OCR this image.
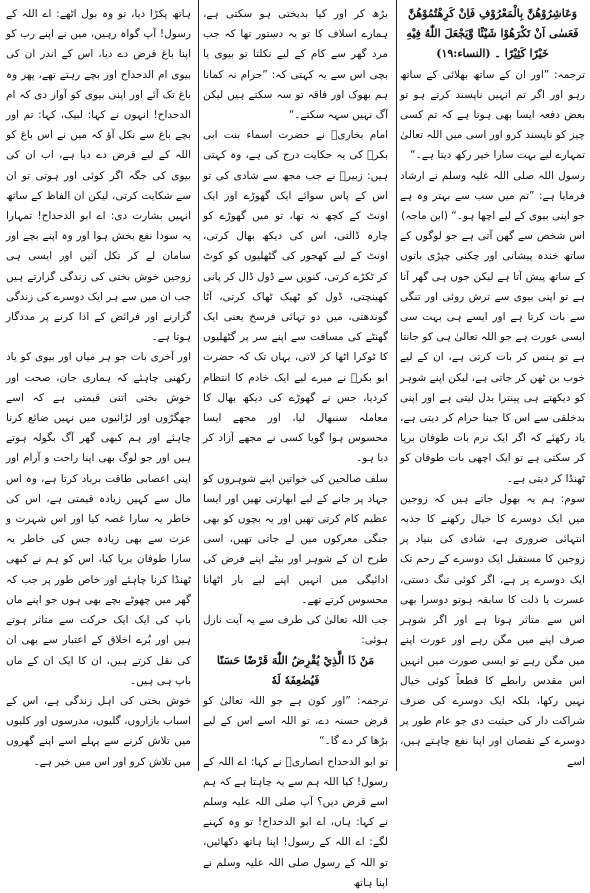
وَعَاشِرُوْهُنَّ بِالْمَعْرُوْفِ فَاِنْ كَرِهْتُمُوْهُنَّ فَعَسٰى اَنْ تَكْرَهُوْا شَيْئًا وَّيَجْعَلَ اللّٰهُ فِيْهِ خَيْرًا كَثِيْرًا ۔ (النساء:۱۹)

ترجمہ: ”اور ان کے ساتھ بھلائی کے ساتھ رہو اور اگر تم انہیں ناپسند کرتے ہو تو بعض دفعہ ایسا بھی ہوتا ہے کہ تم کسی چیز کو ناپسند کرو اور اسی میں اللہ تعالیٰ تمہارے لیے بہت سارا خیر رکھ دیتا ہے۔“

رسول اللہ صلی اللہ علیہ وسلم نے ارشاد فرمایا ہے: ”تم میں سب سے بہتر وہ ہے جو اپنی بیوی کے لیے اچھا ہو۔“ (ابن ماجہ)

اس شخص سے گھن آتی ہے جو لوگوں کے ساتھ خندہ پیشانی اور چکنی چپڑی باتوں کے ساتھ پیش آتا ہے لیکن جوں ہی گھر آتا ہے تو اپنی بیوی سے ترش روئی اور تنگی سے بات کرتا ہے اور ایسے ہی بہت سی ایسی عورت ہے جو اللہ تعالیٰ ہی کو جانتا ہے تو ہنس کر بات کرتی ہے، ان کے لیے خوب بن ٹھن کر جاتی ہے، لیکن اپنے شوہر کو دیکھتے ہی پینترا بدل لیتی ہے اور اپنی بدخلقی سے اس کا جینا حرام کر دیتی ہے، یاد رکھئے کہ اگر ایک نرم بات طوفان برپا کر سکتی ہے تو ایک اچھی بات طوفان کو ٹھنڈا کر دیتی ہے۔

سوم: ہم یہ بھول جاتے ہیں کہ زوجین میں ایک دوسرے کا خیال رکھنے کا جذبہ انتہائی ضروری ہے، شادی کی بنیاد پر زوجین کا مستقبل ایک دوسرے کے رحم تک ایک دوسرے پر ہے، اگر کوئی تنگ دستی، عسرت یا ذلت کا سابقہ ہوتو دوسرا بھی اس سے متاثر ہوتا ہے اور اگر شوہر صرف اپنے میں مگن رہے اور عورت اپنے میں مگن رہے تو ایسی صورت میں انہیں اس مقدس رابطے کا قطعاً کوئی خیال نہیں رکھا، بلکہ ایک دوسرے کی صرف شراکت دار کی حیثیت دی جو عام طور پر دوسرے کے نقصان اور اپنا نفع چاہتے ہیں، اسے

بڑھ کر اور کیا بدبختی ہو سکتی ہے، ہمارے اسلاف کا تو یہ دستور تھا کہ جب مرد گھر سے کام کے لیے نکلتا تو بیوی یا بچی اس سے یہ کہتی کہ: ”حرام نہ کمانا ہم بھوک اور فاقہ تو سہ سکتے ہیں لیکن آگ نہیں سہہ سکتے۔“

امام بخاریؒ نے حضرت اسماء بنت ابی بکرؓ کی یہ حکایت درج کی ہے، وہ کہتی ہیں: زبیرؓ نے جب مجھ سے شادی کی تو اس کے پاس سوائے ایک گھوڑے اور ایک اونٹ کے کچھ نہ تھا، تو میں گھوڑے کو چارہ ڈالتی، اس کی دیکھ بھال کرتی، اونٹ کے لیے کھجور کی گٹھلیوں کو کوٹ کر ٹکڑے کرتی، کنویں سے ڈول ڈال کر پانی کھینچتی، ڈول کو ٹھیک ٹھاک کرتی، آٹا گوندھتی، میں دو تہائی فرسخ یعنی ایک گھنٹے کی مسافت سے اپنے سر پر گٹھلیوں کا ٹوکرا اٹھا کر لاتی، یہاں تک کہ حضرت ابو بکرؓ نے میرے لیے ایک خادم کا انتظام کردیا، جس نے گھوڑے کی دیکھ بھال کا معاملہ سنبھال لیا، اور مجھے ایسا محسوس ہوا گویا کسی نے مجھے آزاد کر دیا ہو۔

سلف صالحین کی خواتین اپنے شوہروں کو جہاد پر جانے کے لیے ابھارتی تھیں اور ایسا عظیم کام کرتی تھیں اور یہ بچوں کو بھی جنگی معرکوں میں لے جاتی تھیں، اسی طرح ان کے شوہر اور بیٹے اپنے فرض کی ادائیگی میں انہیں اپنے لیے بار اٹھانا محسوس کرتے تھے۔

جب اللہ تعالیٰ کی طرف سے یہ آیت نازل ہوئی:

مَنْ ذَا الَّذِيْ يُقْرِضُ اللّٰهَ قَرْضًا حَسَنًا فَيُضٰعِفَهٗ لَهٗ

ترجمہ: ”اور کون ہے جو اللہ تعالیٰ کو قرض حسنہ دے، تو اللہ اسے اس کے لیے بڑھا کر دے گا۔“

تو ابو الدحداح انصاریؓ نے کہا: اے اللہ کے رسول! کیا اللہ ہم سے یہ چاہتا ہے کہ ہم اسے قرض دیں؟ آپ صلی اللہ علیہ وسلم نے کہا: ہاں، اے ابو الدحداح! تو وہ کہنے لگے: اے اللہ کے رسول! اپنا ہاتھ دکھائیں، تو اللہ کے رسول صلی اللہ علیہ وسلم نے اپنا ہاتھ

ہاتھ پکڑا دیا، تو وہ بول اٹھے: اے اللہ کے رسول! آپ گواہ رہیں، میں نے اپنے رب کو اپنا باغ قرض دے دیا، اس کے اندر ان کی بیوی ام الدحداح اور بچے رہتے تھے، پھر وہ باغ تک آئے اور اپنی بیوی کو آواز دی کہ ام الدحداح! انہوں نے کہا: لبیک، کہا: تم اور بچے باغ سے نکل آؤ کہ میں نے اس باغ کو اللہ کے لیے قرض دے دیا ہے، اب ان کی بیوی کی جگہ اگر کوئی اور ہوتی تو ان سے شکایت کرتی، لیکن ان الفاظ کے ساتھ انہیں بشارت دی: اے ابو الدحداح! تمہارا یہ سودا نفع بخش ہوا اور وہ اپنے بچے اور سامان لے کر نکل آئیں اور ایسی ہی زوجین خوش بختی کی زندگی گزارتے ہیں جب ان میں سے ہر ایک دوسرے کی زندگی گزارنے اور فرائض کے ادا کرنے پر مددگار ہوتا ہے۔

اور آخری بات جو ہر میاں اور بیوی کو یاد رکھنی چاہئے کہ ہماری جان، صحت اور خوش بختی اتنی قیمتی ہے کہ اسے جھگڑوں اور لڑائیوں میں نہیں ضائع کرنا چاہئے اور ہم کبھی گھر آگ بگولہ ہوتے ہیں اور جو لوگ بھی اپنا راحت و آرام اور اپنی اعصابی طاقت برباد کرتا ہے، وہ اس مال سے کہیں زیادہ قیمتی ہے، اس کی خاطر یہ سارا غصہ کیا اور اس شہرت و عزت سے بھی زیادہ جس کی خاطر یہ سارا طوفان برپا کیا، اس کو ہم نے کبھی ٹھنڈا کرنا چاہئے اور خاص طور پر جب کہ گھر میں چھوٹے بچے بھی ہوں جو اپنے ماں باپ کی ایک ایک حرکت سے متاثر ہوتے ہیں اور بُرے اخلاق کے اعتبار سے بھی ان کی نقل کرتے ہیں، ان کا ایک ان کے ماں باپ ہی ہیں۔

خوش بختی کی اہل زندگی ہے، اس کے اسباب بازاروں، گلیوں، مدرسوں اور کلبوں میں تلاش کرنے سے پہلے اسے اپنے گھروں میں تلاش کرو اور اس میں خیر ہے۔
